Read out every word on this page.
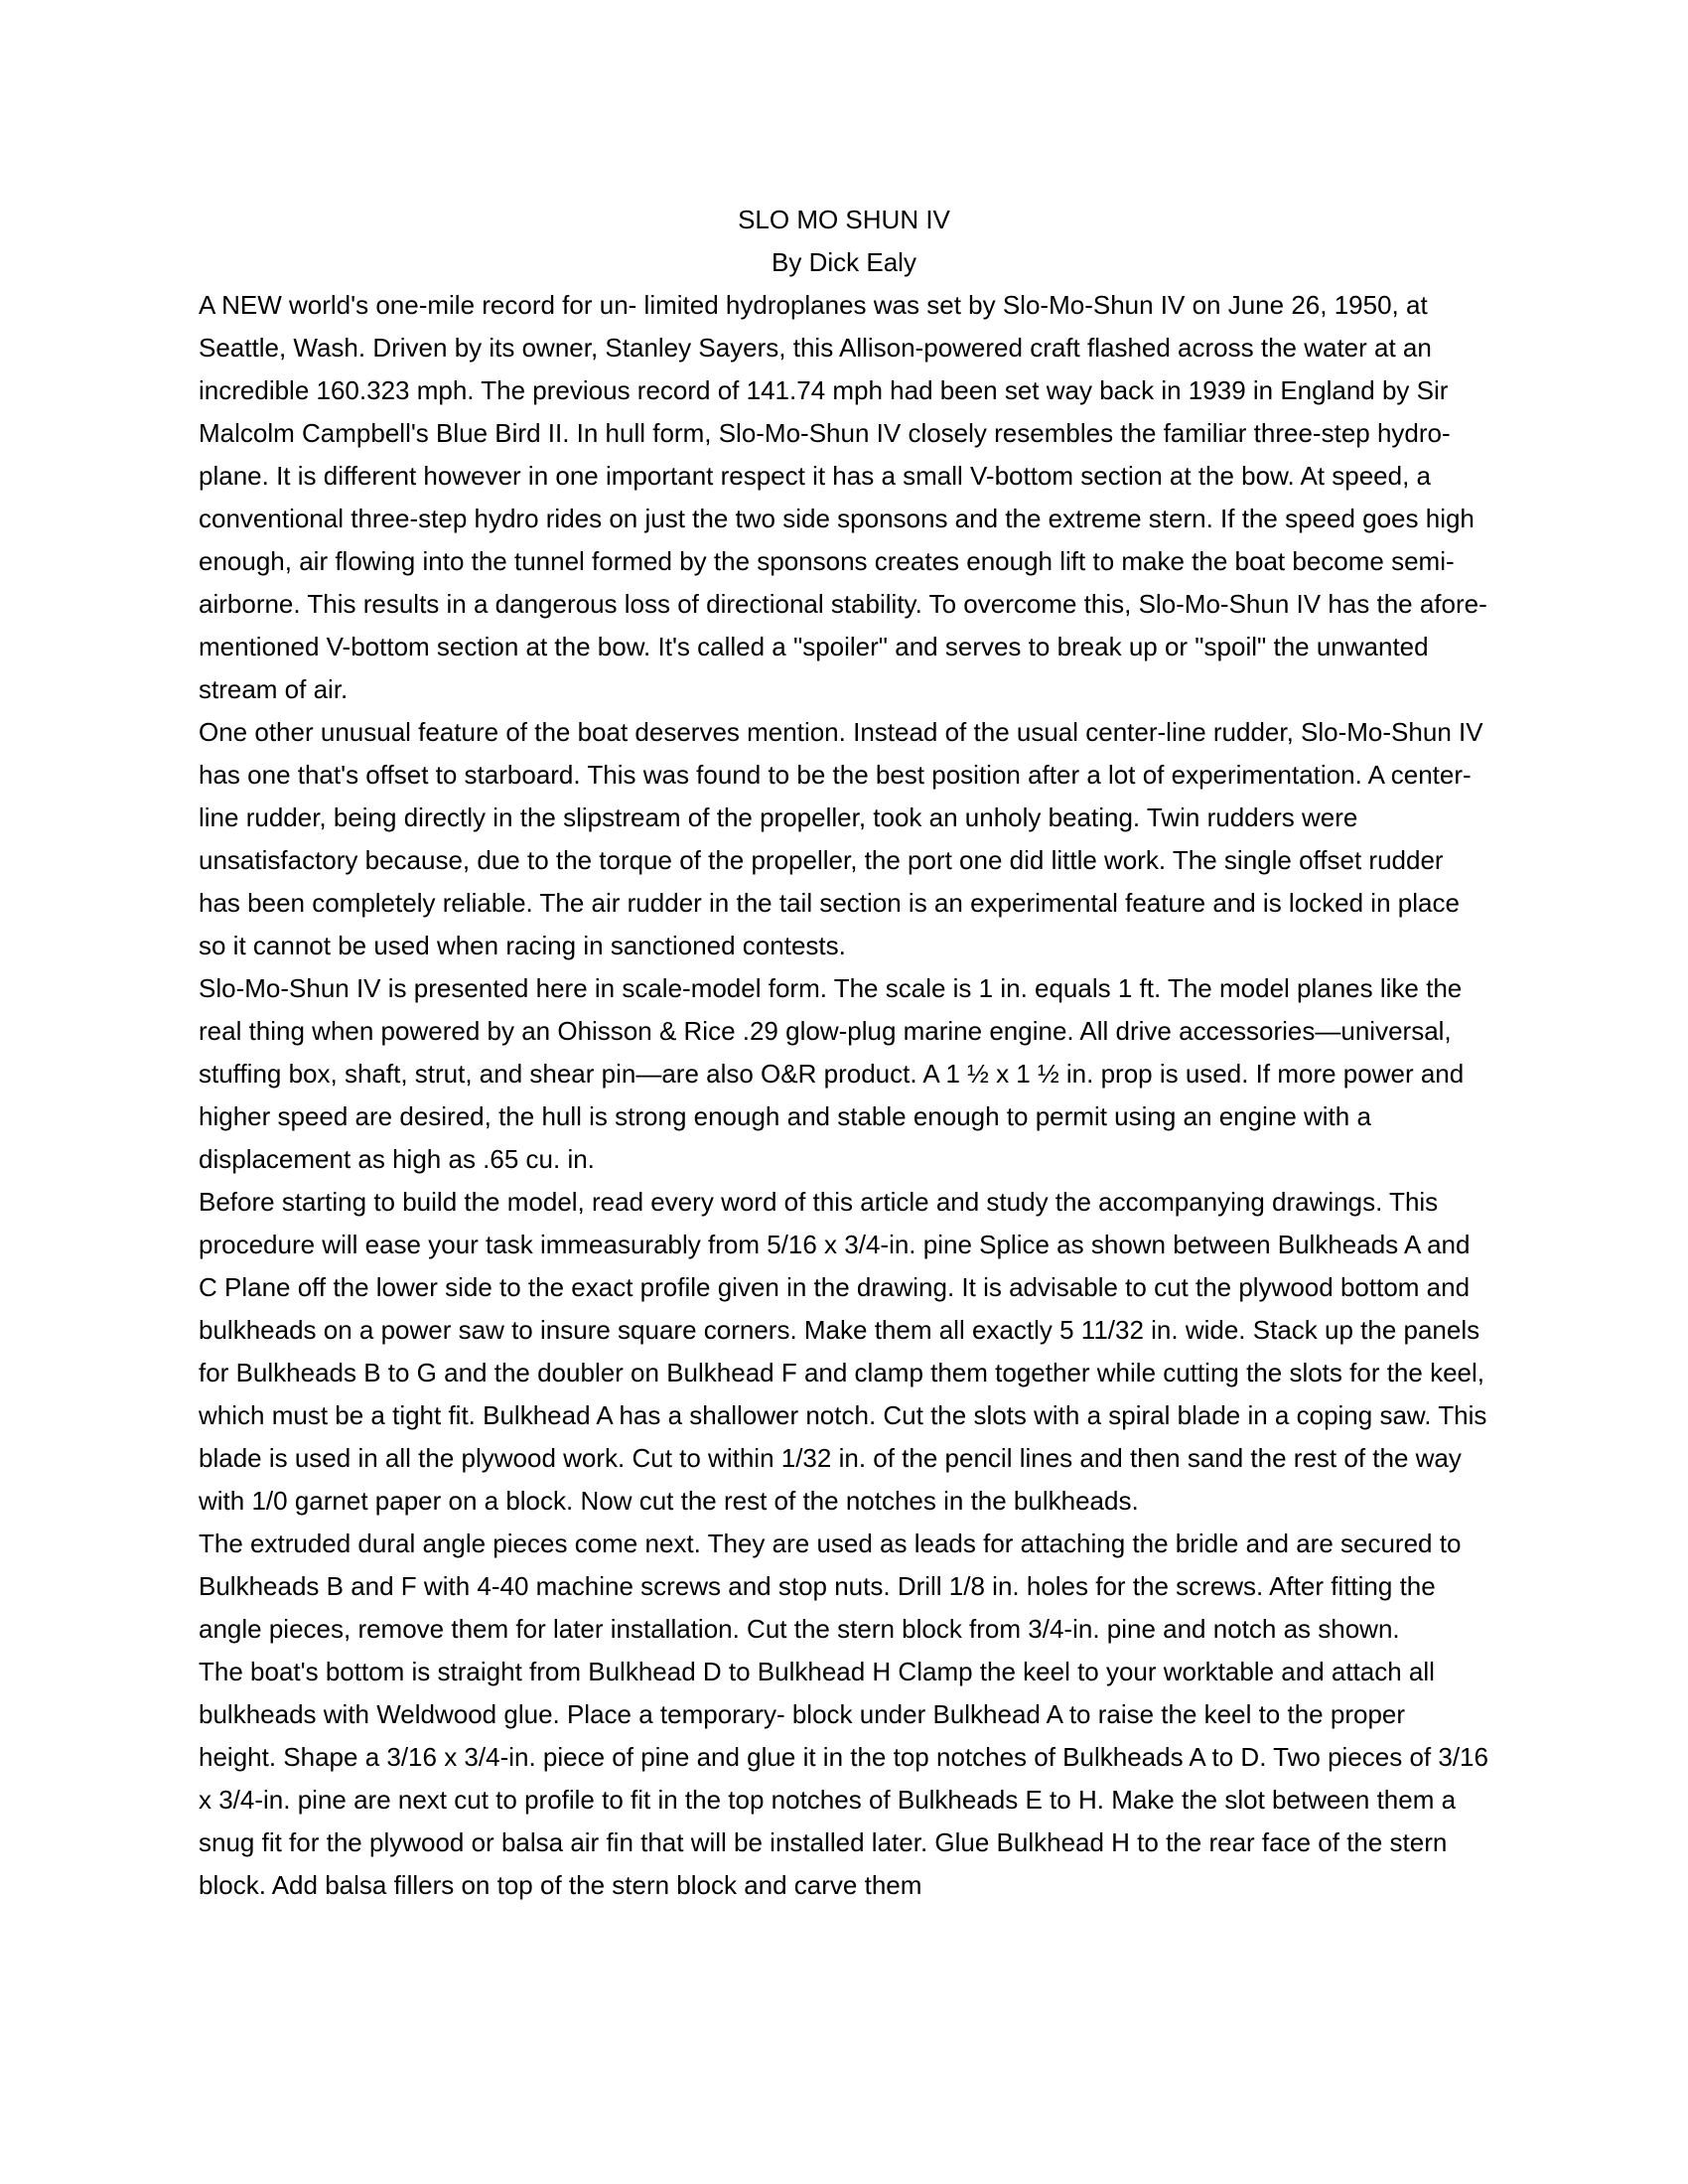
SLO MO SHUN IV
By Dick Ealy

A NEW world's one-mile record for un- limited hydroplanes was set by Slo-Mo-Shun IV on June 26, 1950, at Seattle, Wash. Driven by its owner, Stanley Sayers, this Allison-powered craft flashed across the water at an incredible 160.323 mph. The previous record of 141.74 mph had been set way back in 1939 in England by Sir Malcolm Campbell's Blue Bird II. In hull form, Slo-Mo-Shun IV closely resembles the familiar three-step hydro- plane. It is different however in one important respect it has a small V-bottom section at the bow. At speed, a conventional three-step hydro rides on just the two side sponsons and the extreme stern. If the speed goes high enough, air flowing into the tunnel formed by the sponsons creates enough lift to make the boat become semi-airborne. This results in a dangerous loss of directional stability. To overcome this, Slo-Mo-Shun IV has the afore-mentioned V-bottom section at the bow. It's called a "spoiler" and serves to break up or "spoil" the unwanted stream of air.

One other unusual feature of the boat deserves mention. Instead of the usual center-line rudder, Slo-Mo-Shun IV has one that's offset to starboard. This was found to be the best position after a lot of experimentation. A center-line rudder, being directly in the slipstream of the propeller, took an unholy beating. Twin rudders were unsatisfactory because, due to the torque of the propeller, the port one did little work. The single offset rudder has been completely reliable. The air rudder in the tail section is an experimental feature and is locked in place so it cannot be used when racing in sanctioned contests.

Slo-Mo-Shun IV is presented here in scale-model form. The scale is 1 in. equals 1 ft. The model planes like the real thing when powered by an Ohisson & Rice .29 glow-plug marine engine. All drive accessories—universal, stuffing box, shaft, strut, and shear pin—are also O&R product. A 1 ½ x 1 ½ in. prop is used. If more power and higher speed are desired, the hull is strong enough and stable enough to permit using an engine with a displacement as high as .65 cu. in.

Before starting to build the model, read every word of this article and study the accompanying drawings. This procedure will ease your task immeasurably from 5/16 x 3/4-in. pine Splice as shown between Bulkheads A and C Plane off the lower side to the exact profile given in the drawing. It is advisable to cut the plywood bottom and bulkheads on a power saw to insure square corners. Make them all exactly 5 11/32 in. wide. Stack up the panels for Bulkheads B to G and the doubler on Bulkhead F and clamp them together while cutting the slots for the keel, which must be a tight fit. Bulkhead A has a shallower notch. Cut the slots with a spiral blade in a coping saw. This blade is used in all the plywood work. Cut to within 1/32 in. of the pencil lines and then sand the rest of the way with 1/0 garnet paper on a block. Now cut the rest of the notches in the bulkheads.

The extruded dural angle pieces come next. They are used as leads for attaching the bridle and are secured to Bulkheads B and F with 4-40 machine screws and stop nuts. Drill 1/8 in. holes for the screws. After fitting the angle pieces, remove them for later installation. Cut the stern block from 3/4-in. pine and notch as shown.

The boat's bottom is straight from Bulkhead D to Bulkhead H Clamp the keel to your worktable and attach all bulkheads with Weldwood glue. Place a temporary- block under Bulkhead A to raise the keel to the proper height. Shape a 3/16 x 3/4-in. piece of pine and glue it in the top notches of Bulkheads A to D. Two pieces of 3/16 x 3/4-in. pine are next cut to profile to fit in the top notches of Bulkheads E to H. Make the slot between them a snug fit for the plywood or balsa air fin that will be installed later. Glue Bulkhead H to the rear face of the stern block. Add balsa fillers on top of the stern block and carve them
